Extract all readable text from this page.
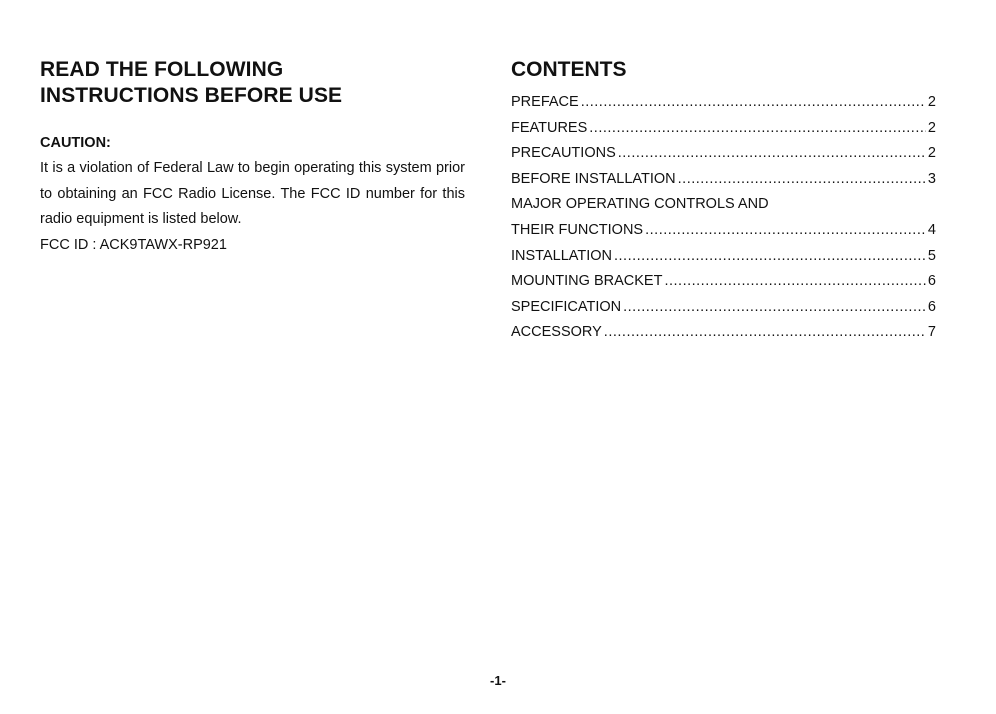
READ THE FOLLOWING
INSTRUCTIONS BEFORE USE
CAUTION:

It is a violation of Federal Law to begin operating this system prior to obtaining an FCC Radio License. The FCC ID number for this radio equipment is listed below.

FCC ID : ACK9TAWX-RP921
CONTENTS
PREFACE .....	2
FEATURES .....	2
PRECAUTIONS .....	2
BEFORE INSTALLATION .....	3
MAJOR OPERATING CONTROLS AND
THEIR FUNCTIONS .....	4
INSTALLATION .....	5
MOUNTING BRACKET .....	6
SPECIFICATION .....	6
ACCESSORY .....	7
-1-
